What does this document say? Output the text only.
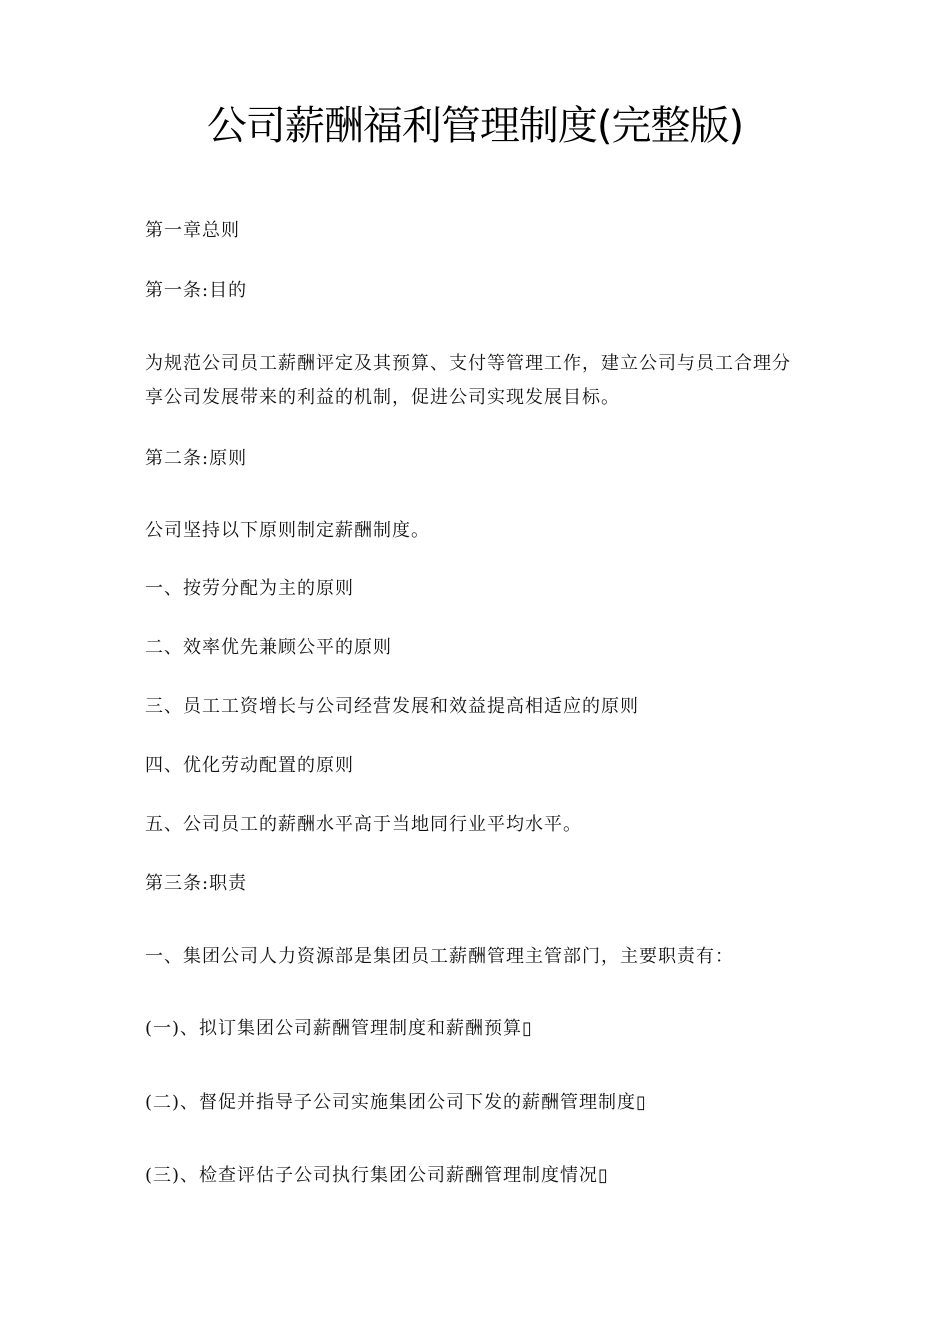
公司薪酬福利管理制度(完整版)

第一章总则

第一条:目的

为规范公司员工薪酬评定及其预算、支付等管理工作，建立公司与员工合理分享公司发展带来的利益的机制，促进公司实现发展目标。

第二条:原则

公司坚持以下原则制定薪酬制度。

一、按劳分配为主的原则

二、效率优先兼顾公平的原则

三、员工工资增长与公司经营发展和效益提高相适应的原则

四、优化劳动配置的原则

五、公司员工的薪酬水平高于当地同行业平均水平。

第三条:职责

一、集团公司人力资源部是集团员工薪酬管理主管部门，主要职责有：

(一)、拟订集团公司薪酬管理制度和薪酬预算▯

(二)、督促并指导子公司实施集团公司下发的薪酬管理制度▯

(三)、检查评估子公司执行集团公司薪酬管理制度情况▯
